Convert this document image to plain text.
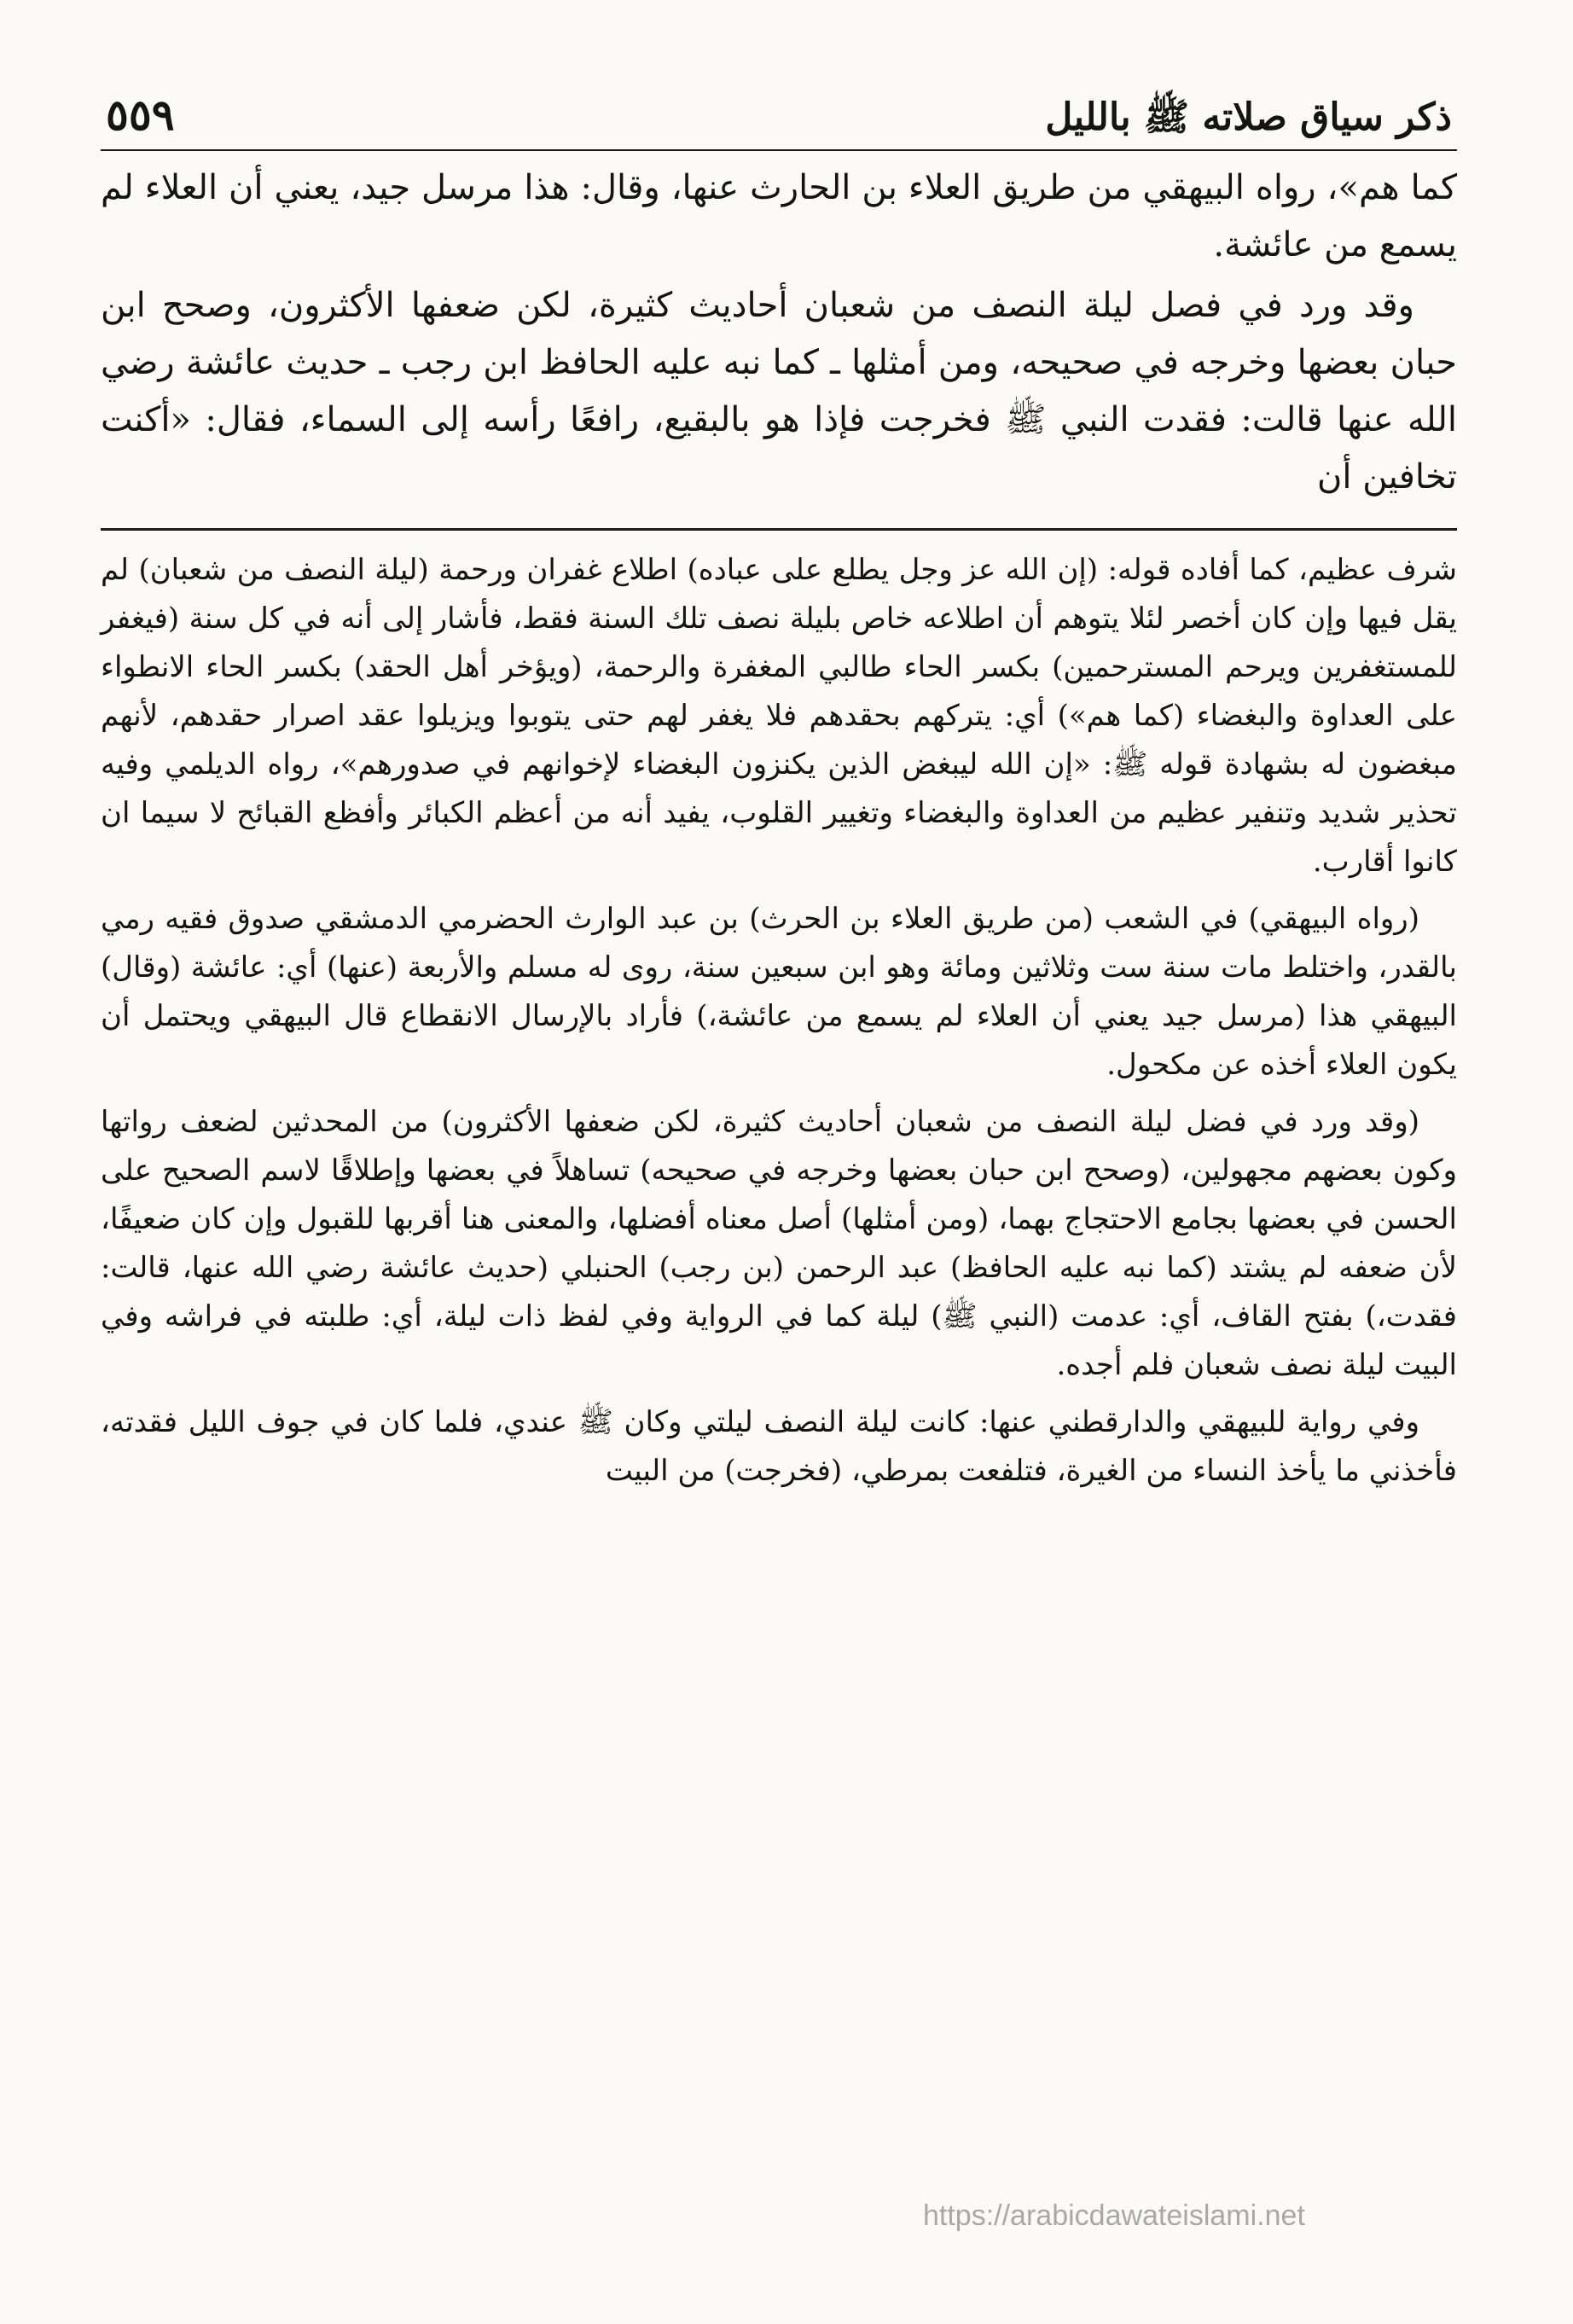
ذكر سياق صلاته ﷺ بالليل
٥٥٩

كما هم»، رواه البيهقي من طريق العلاء بن الحارث عنها، وقال: هذا مرسل جيد، يعني أن العلاء لم يسمع من عائشة.

وقد ورد في فصل ليلة النصف من شعبان أحاديث كثيرة، لكن ضعفها الأكثرون، وصحح ابن حبان بعضها وخرجه في صحيحه، ومن أمثلها ـ كما نبه عليه الحافظ ابن رجب ـ حديث عائشة رضي الله عنها قالت: فقدت النبي ﷺ فخرجت فإذا هو بالبقيع، رافعًا رأسه إلى السماء، فقال: «أكنت تخافين أن

شرف عظيم، كما أفاده قوله: (إن الله عز وجل يطلع على عباده) اطلاع غفران ورحمة (ليلة النصف من شعبان) لم يقل فيها وإن كان أخصر لئلا يتوهم أن اطلاعه خاص بليلة نصف تلك السنة فقط، فأشار إلى أنه في كل سنة (فيغفر للمستغفرين ويرحم المسترحمين) بكسر الحاء طالبي المغفرة والرحمة، (ويؤخر أهل الحقد) بكسر الحاء الانطواء على العداوة والبغضاء (كما هم») أي: يتركهم بحقدهم فلا يغفر لهم حتى يتوبوا ويزيلوا عقد اصرار حقدهم، لأنهم مبغضون له بشهادة قوله ﷺ: «إن الله ليبغض الذين يكنزون البغضاء لإخوانهم في صدورهم»، رواه الديلمي وفيه تحذير شديد وتنفير عظيم من العداوة والبغضاء وتغيير القلوب، يفيد أنه من أعظم الكبائر وأفظع القبائح لا سيما ان كانوا أقارب.

(رواه البيهقي) في الشعب (من طريق العلاء بن الحرث) بن عبد الوارث الحضرمي الدمشقي صدوق فقيه رمي بالقدر، واختلط مات سنة ست وثلاثين ومائة وهو ابن سبعين سنة، روى له مسلم والأربعة (عنها) أي: عائشة (وقال) البيهقي هذا (مرسل جيد يعني أن العلاء لم يسمع من عائشة،) فأراد بالإرسال الانقطاع قال البيهقي ويحتمل أن يكون العلاء أخذه عن مكحول.

(وقد ورد في فضل ليلة النصف من شعبان أحاديث كثيرة، لكن ضعفها الأكثرون) من المحدثين لضعف رواتها وكون بعضهم مجهولين، (وصحح ابن حبان بعضها وخرجه في صحيحه) تساهلاً في بعضها وإطلاقًا لاسم الصحيح على الحسن في بعضها بجامع الاحتجاج بهما، (ومن أمثلها) أصل معناه أفضلها، والمعنى هنا أقربها للقبول وإن كان ضعيفًا، لأن ضعفه لم يشتد (كما نبه عليه الحافظ) عبد الرحمن (بن رجب) الحنبلي (حديث عائشة رضي الله عنها، قالت: فقدت،) بفتح القاف، أي: عدمت (النبي ﷺ) ليلة كما في الرواية وفي لفظ ذات ليلة، أي: طلبته في فراشه وفي البيت ليلة نصف شعبان فلم أجده.

وفي رواية للبيهقي والدارقطني عنها: كانت ليلة النصف ليلتي وكان ﷺ عندي، فلما كان في جوف الليل فقدته، فأخذني ما يأخذ النساء من الغيرة، فتلفعت بمرطي، (فخرجت) من البيت

https://arabicdawateislami.net
